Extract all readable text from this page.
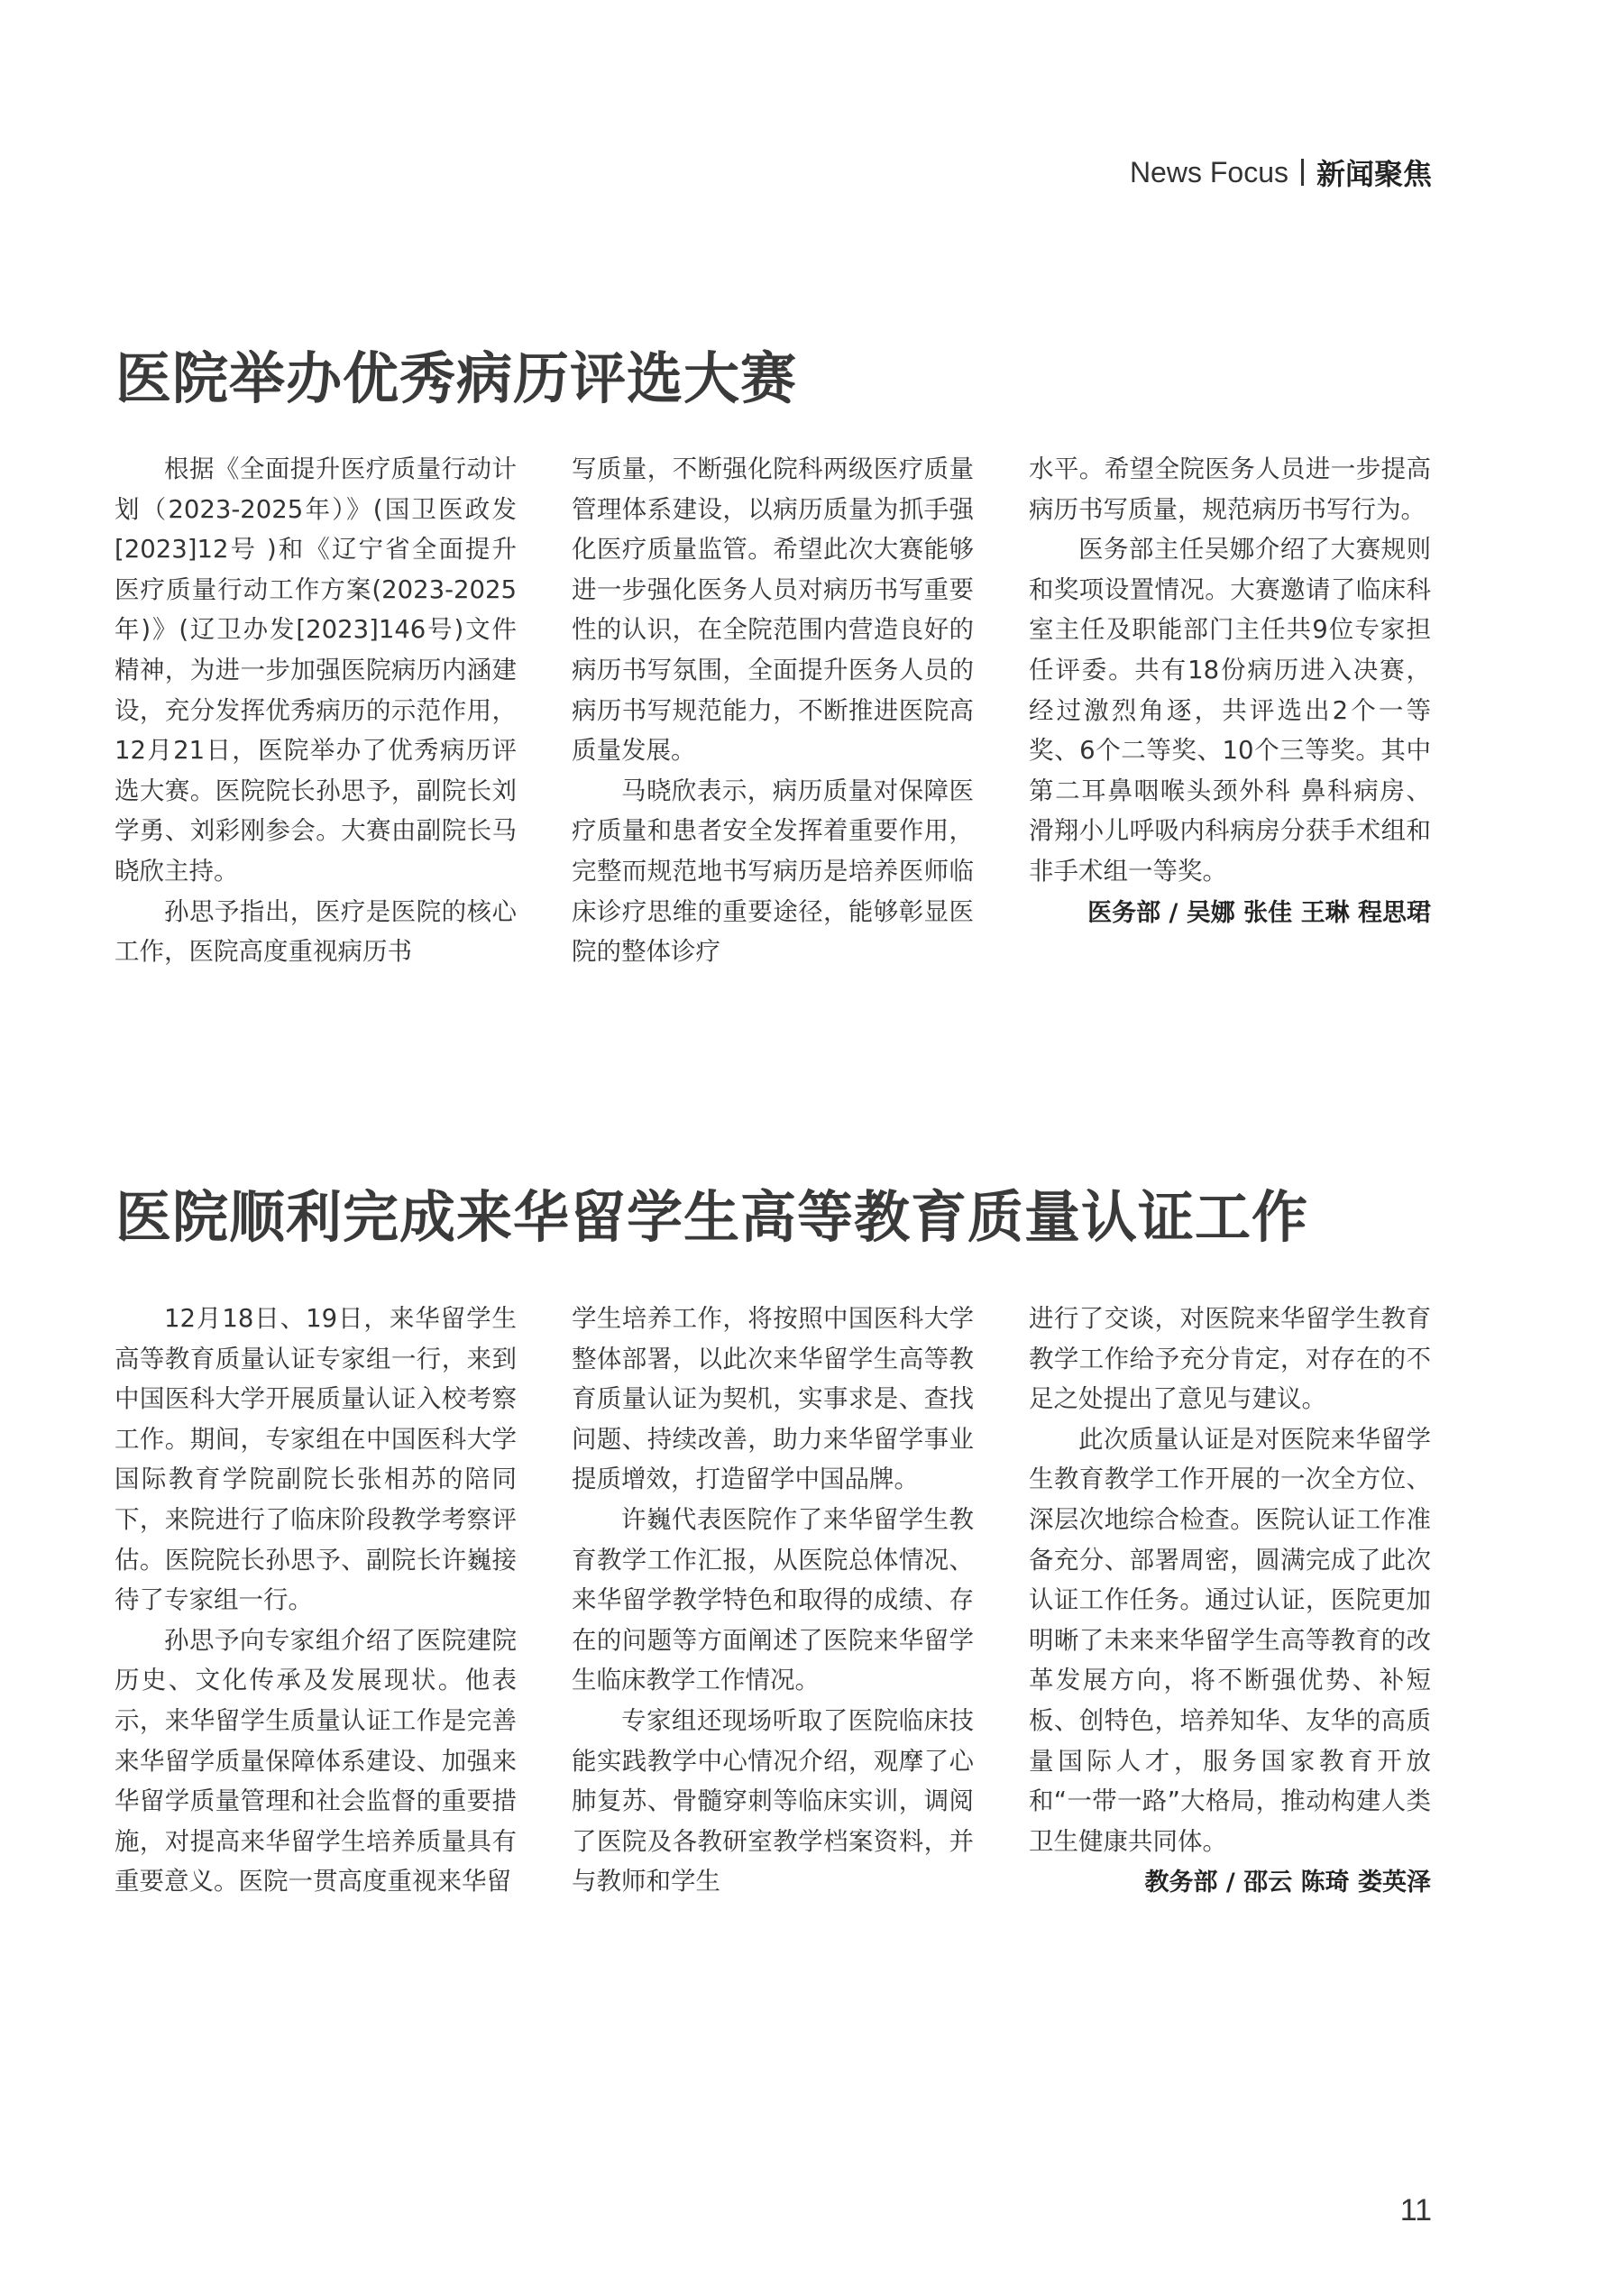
News Focus 新闻聚焦
医院举办优秀病历评选大赛

根据《全面提升医疗质量行动计划（2023-2025年）》(国卫医政发 [2023]12号 )和《辽宁省全面提升医疗质量行动工作方案(2023-2025年)》(辽卫办发[2023]146号)文件精神，为进一步加强医院病历内涵建设，充分发挥优秀病历的示范作用，12月21日，医院举办了优秀病历评选大赛。医院院长孙思予，副院长刘学勇、刘彩刚参会。大赛由副院长马晓欣主持。

孙思予指出，医疗是医院的核心工作，医院高度重视病历书

写质量，不断强化院科两级医疗质量管理体系建设，以病历质量为抓手强化医疗质量监管。希望此次大赛能够进一步强化医务人员对病历书写重要性的认识，在全院范围内营造良好的病历书写氛围，全面提升医务人员的病历书写规范能力，不断推进医院高质量发展。

马晓欣表示，病历质量对保障医疗质量和患者安全发挥着重要作用，完整而规范地书写病历是培养医师临床诊疗思维的重要途径，能够彰显医院的整体诊疗

水平。希望全院医务人员进一步提高病历书写质量，规范病历书写行为。

医务部主任吴娜介绍了大赛规则和奖项设置情况。大赛邀请了临床科室主任及职能部门主任共9位专家担任评委。共有18份病历进入决赛，经过激烈角逐，共评选出2个一等奖、6个二等奖、10个三等奖。其中第二耳鼻咽喉头颈外科 鼻科病房、滑翔小儿呼吸内科病房分获手术组和非手术组一等奖。

医务部 / 吴娜 张佳 王琳 程思珺
医院顺利完成来华留学生高等教育质量认证工作

12月18日、19日，来华留学生高等教育质量认证专家组一行，来到中国医科大学开展质量认证入校考察工作。期间，专家组在中国医科大学国际教育学院副院长张相苏的陪同下，来院进行了临床阶段教学考察评估。医院院长孙思予、副院长许巍接待了专家组一行。

孙思予向专家组介绍了医院建院历史、文化传承及发展现状。他表示，来华留学生质量认证工作是完善来华留学质量保障体系建设、加强来华留学质量管理和社会监督的重要措施，对提高来华留学生培养质量具有重要意义。医院一贯高度重视来华留

学生培养工作，将按照中国医科大学整体部署，以此次来华留学生高等教育质量认证为契机，实事求是、查找问题、持续改善，助力来华留学事业提质增效，打造留学中国品牌。

许巍代表医院作了来华留学生教育教学工作汇报，从医院总体情况、来华留学教学特色和取得的成绩、存在的问题等方面阐述了医院来华留学生临床教学工作情况。

专家组还现场听取了医院临床技能实践教学中心情况介绍，观摩了心肺复苏、骨髓穿刺等临床实训，调阅了医院及各教研室教学档案资料，并与教师和学生

进行了交谈，对医院来华留学生教育教学工作给予充分肯定，对存在的不足之处提出了意见与建议。

此次质量认证是对医院来华留学生教育教学工作开展的一次全方位、深层次地综合检查。医院认证工作准备充分、部署周密，圆满完成了此次认证工作任务。通过认证，医院更加明晰了未来来华留学生高等教育的改革发展方向，将不断强优势、补短板、创特色，培养知华、友华的高质量国际人才，服务国家教育开放和“一带一路”大格局，推动构建人类卫生健康共同体。

教务部 / 邵云 陈琦 娄英泽
11
